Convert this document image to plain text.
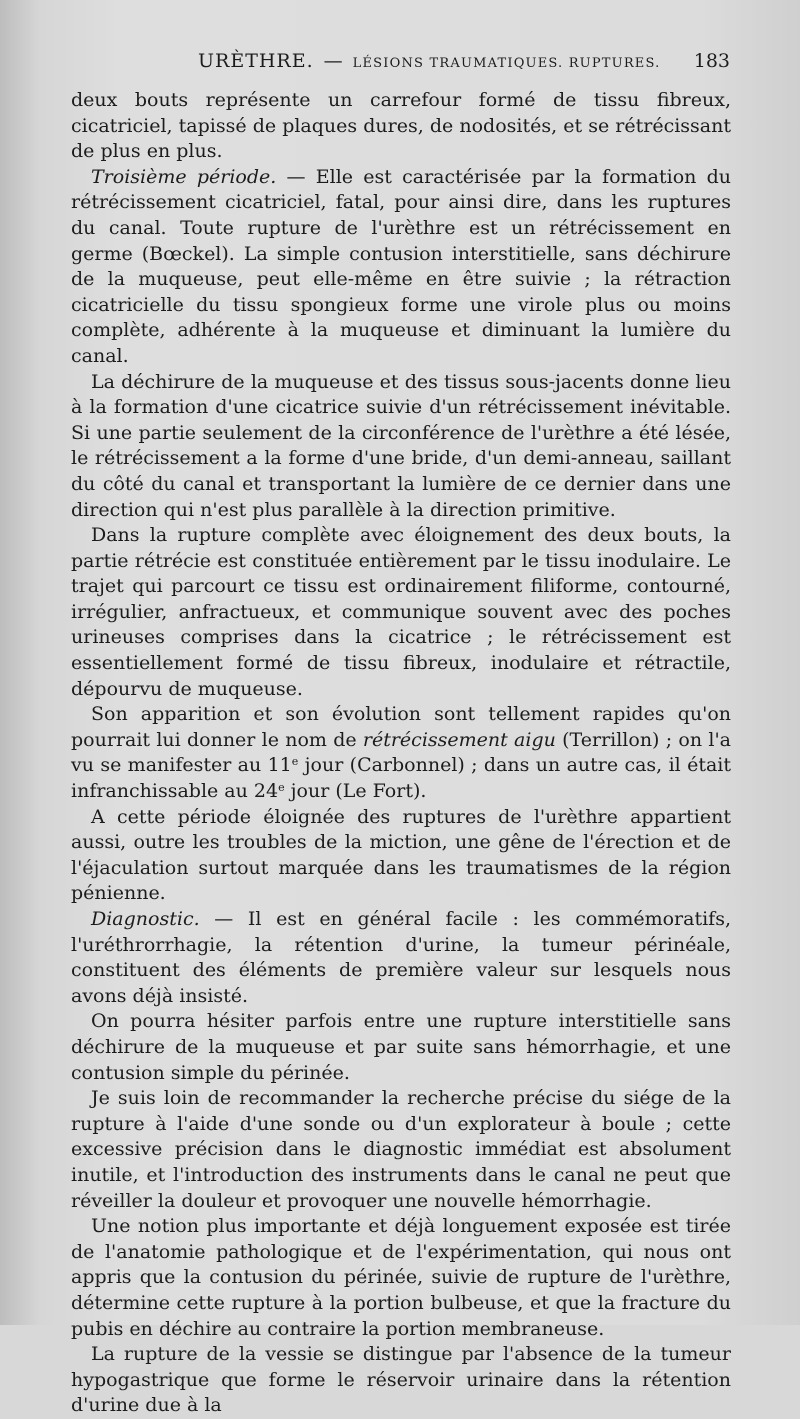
URÈTHRE. — LÉSIONS TRAUMATIQUES. RUPTURES. 183

deux bouts représente un carrefour formé de tissu fibreux, cicatriciel, tapissé de plaques dures, de nodosités, et se rétrécissant de plus en plus.

Troisième période. — Elle est caractérisée par la formation du rétrécissement cicatriciel, fatal, pour ainsi dire, dans les ruptures du canal. Toute rupture de l'urèthre est un rétrécissement en germe (Bœckel). La simple contusion interstitielle, sans déchirure de la muqueuse, peut elle-même en être suivie ; la rétraction cicatricielle du tissu spongieux forme une virole plus ou moins complète, adhérente à la muqueuse et diminuant la lumière du canal.

La déchirure de la muqueuse et des tissus sous-jacents donne lieu à la formation d'une cicatrice suivie d'un rétrécissement inévitable. Si une partie seulement de la circonférence de l'urèthre a été lésée, le rétrécissement a la forme d'une bride, d'un demi-anneau, saillant du côté du canal et transportant la lumière de ce dernier dans une direction qui n'est plus parallèle à la direction primitive.

Dans la rupture complète avec éloignement des deux bouts, la partie rétrécie est constituée entièrement par le tissu inodulaire. Le trajet qui parcourt ce tissu est ordinairement filiforme, contourné, irrégulier, anfractueux, et communique souvent avec des poches urineuses comprises dans la cicatrice ; le rétrécissement est essentiellement formé de tissu fibreux, inodulaire et rétractile, dépourvu de muqueuse.

Son apparition et son évolution sont tellement rapides qu'on pourrait lui donner le nom de rétrécissement aigu (Terrillon) ; on l'a vu se manifester au 11e jour (Carbonnel) ; dans un autre cas, il était infranchissable au 24e jour (Le Fort).

A cette période éloignée des ruptures de l'urèthre appartient aussi, outre les troubles de la miction, une gêne de l'érection et de l'éjaculation surtout marquée dans les traumatismes de la région pénienne.

Diagnostic. — Il est en général facile : les commémoratifs, l'uréthrorrhagie, la rétention d'urine, la tumeur périnéale, constituent des éléments de première valeur sur lesquels nous avons déjà insisté.

On pourra hésiter parfois entre une rupture interstitielle sans déchirure de la muqueuse et par suite sans hémorrhagie, et une contusion simple du périnée.

Je suis loin de recommander la recherche précise du siége de la rupture à l'aide d'une sonde ou d'un explorateur à boule ; cette excessive précision dans le diagnostic immédiat est absolument inutile, et l'introduction des instruments dans le canal ne peut que réveiller la douleur et provoquer une nouvelle hémorrhagie.

Une notion plus importante et déjà longuement exposée est tirée de l'anatomie pathologique et de l'expérimentation, qui nous ont appris que la contusion du périnée, suivie de rupture de l'urèthre, détermine cette rupture à la portion bulbeuse, et que la fracture du pubis en déchire au contraire la portion membraneuse.

La rupture de la vessie se distingue par l'absence de la tumeur hypogastrique que forme le réservoir urinaire dans la rétention d'urine due à la
